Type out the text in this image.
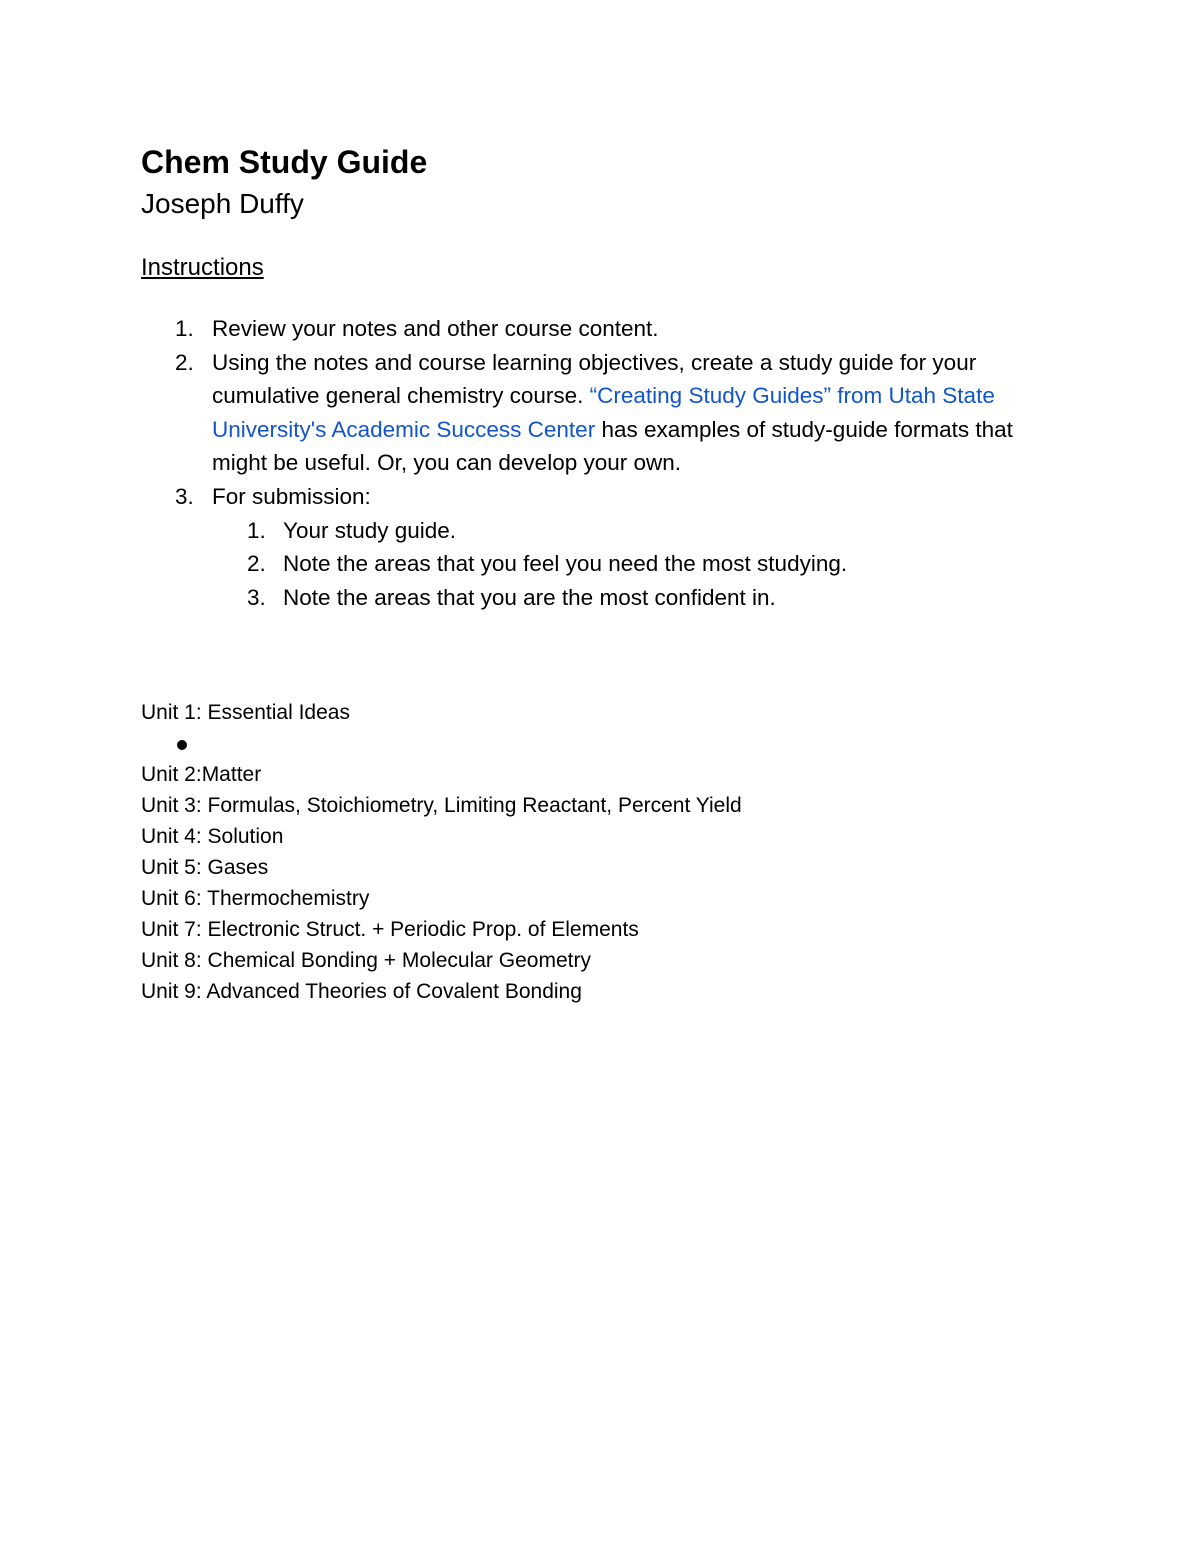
Chem Study Guide

Joseph Duffy

Instructions

1. Review your notes and other course content.
2. Using the notes and course learning objectives, create a study guide for your cumulative general chemistry course. “Creating Study Guides” from Utah State University's Academic Success Center has examples of study-guide formats that might be useful. Or, you can develop your own.
3. For submission:
1. Your study guide.
2. Note the areas that you feel you need the most studying.
3. Note the areas that you are the most confident in.
Unit 1: Essential Ideas
Unit 2:Matter
Unit 3: Formulas, Stoichiometry, Limiting Reactant, Percent Yield
Unit 4: Solution
Unit 5: Gases
Unit 6: Thermochemistry
Unit 7: Electronic Struct. + Periodic Prop. of Elements
Unit 8: Chemical Bonding + Molecular Geometry
Unit 9: Advanced Theories of Covalent Bonding
